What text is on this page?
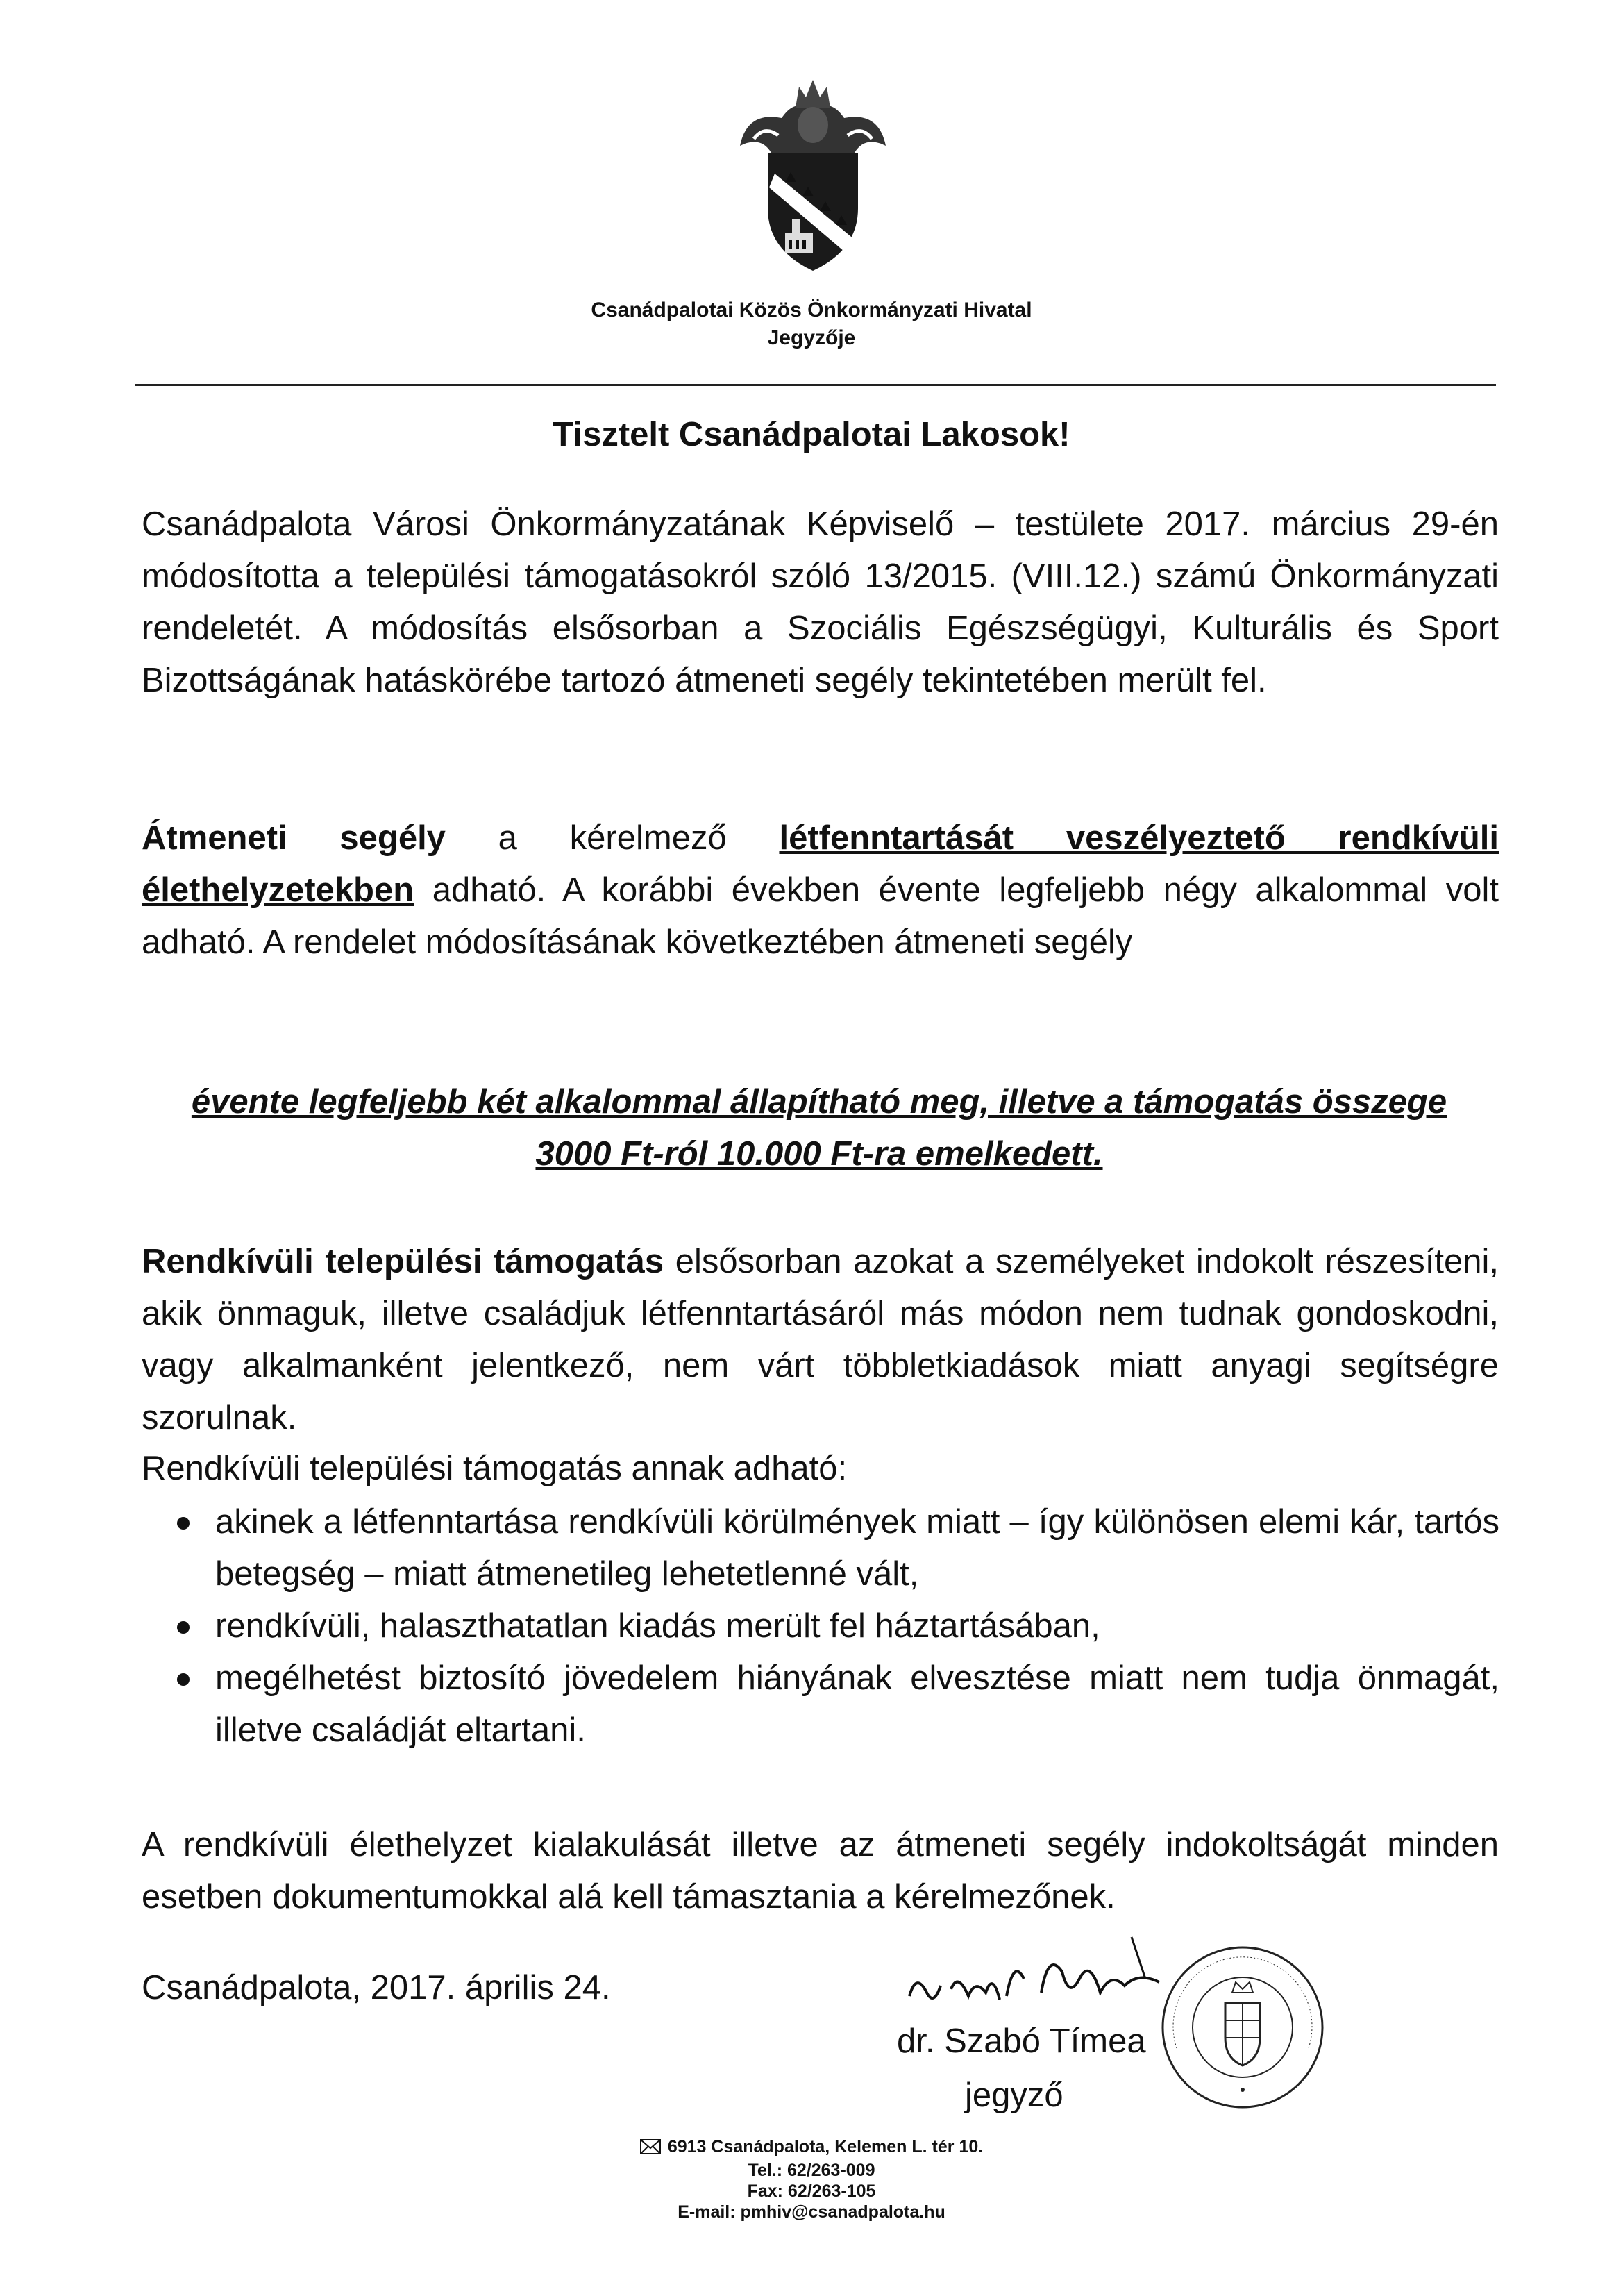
Csanádpalotai Közös Önkormányzati Hivatal
Jegyzője
Tisztelt Csanádpalotai Lakosok!

Csanádpalota Városi Önkormányzatának Képviselő – testülete 2017. március 29-én módosította a települési támogatásokról szóló 13/2015. (VIII.12.) számú Önkormányzati rendeletét. A módosítás elsősorban a Szociális Egészségügyi, Kulturális és Sport Bizottságának hatáskörébe tartozó átmeneti segély tekintetében merült fel.

Átmeneti segély a kérelmező létfenntartását veszélyeztető rendkívüli élethelyzetekben adható. A korábbi években évente legfeljebb négy alkalommal volt adható. A rendelet módosításának következtében átmeneti segély

évente legfeljebb két alkalommal állapítható meg, illetve a támogatás összege 3000 Ft-ról 10.000 Ft-ra emelkedett.

Rendkívüli települési támogatás elsősorban azokat a személyeket indokolt részesíteni, akik önmaguk, illetve családjuk létfenntartásáról más módon nem tudnak gondoskodni, vagy alkalmanként jelentkező, nem várt többletkiadások miatt anyagi segítségre szorulnak.

Rendkívüli települési támogatás annak adható:

akinek a létfenntartása rendkívüli körülmények miatt – így különösen elemi kár, tartós betegség – miatt átmenetileg lehetetlenné vált,
rendkívüli, halaszthatatlan kiadás merült fel háztartásában,
megélhetést biztosító jövedelem hiányának elvesztése miatt nem tudja önmagát, illetve családját eltartani.

A rendkívüli élethelyzet kialakulását illetve az átmeneti segély indokoltságát minden esetben dokumentumokkal alá kell támasztania a kérelmezőnek.

Csanádpalota, 2017. április 24.
dr. Szabó Tímea
jegyző
6913 Csanádpalota, Kelemen L. tér 10.
Tel.: 62/263-009
Fax: 62/263-105
E-mail: pmhiv@csanadpalota.hu
